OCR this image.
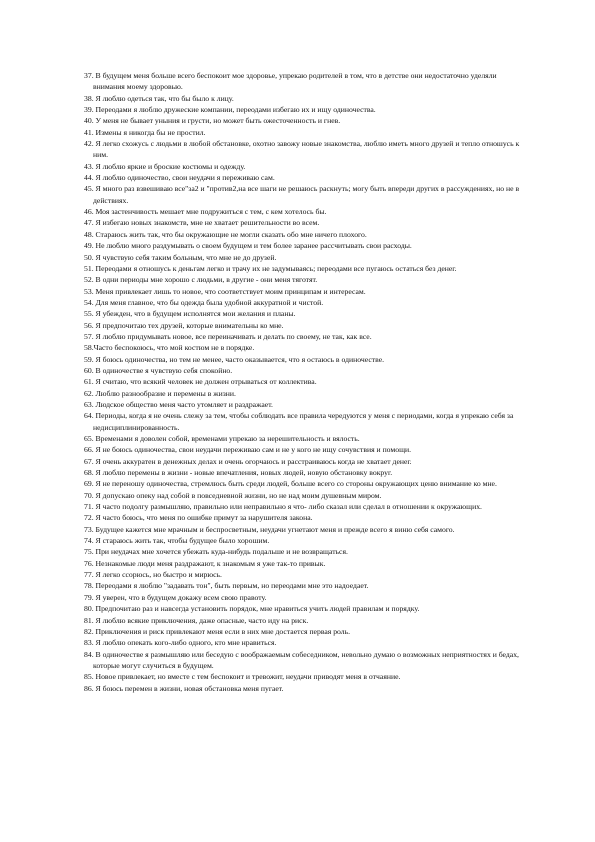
37. В будущем меня больше всего беспокоит мое здоровье, упрекаю родителей в том, что в детстве они недостаточно уделяли внимания моему здоровью.

38. Я люблю одеться так, что бы было к лицу.

39. Переодами я люблю дружеские компании, переодами избегаю их и ищу одиночества.

40. У меня не бывает уныния и грусти, но может быть ожесточенность и гнев.

41. Измены я никогда бы не простил.

42. Я легко схожусь с людьми в любой обстановке, охотно завожу новые знакомства, люблю иметь много друзей и тепло отношусь к ним.

43. Я люблю яркие и броские костюмы и одежду.

44. Я люблю одиночество, свои неудачи я переживаю сам.

45. Я много раз взвешиваю все"за2 и "против2,на все шаги не решаюсь раскнуть; могу быть впереди других в рассуждениях, но не в действиях.

46. Моя застенчивость мешает мне подружиться с тем, с кем хотелось бы.

47. Я избегаю новых знакомств, мне не хватает решительности во всем.

48. Стараюсь жить так, что бы окружающие не могли сказать обо мне ничего плохого.

49. Не люблю много раздумывать о своем будущем и тем более заранее рассчитывать свои расходы.

50. Я чувствую себя таким больным, что мне не до друзей.

51. Переодами я отношусь к деньгам легко и трачу их не задумываясь; переодами все пугаюсь остаться без денег.

52. В одни периоды мне хорошо с людьми, в другие - они меня тяготят.

53. Меня привлекает лишь то новое, что соответствует моим принципам и интересам.

54. Для меня главное, что бы одежда была удобной аккуратной и чистой.

55. Я убежден, что в будущем исполнятся мои желания и планы.

56. Я предпочитаю тех друзей, которые внимательны ко мне.

57. Я люблю придумывать новое, все переиначивать и делать по своему, не так, как все.

58.Часто беспокоюсь, что мой костюм не в порядке.

59. Я боюсь одиночества, но тем не менее, часто оказывается, что я остаюсь в одиночестве.

60. В одиночестве я чувствую себя спокойно.

61. Я считаю, что всякий человек не должен отрываться от коллектива.

62. Люблю разнообразие и перемены в жизни.

63. Людское общество меня часто утомляет и раздражает.

64. Периоды, когда я не очень слежу за тем, чтобы соблюдать все правила чередуются у меня с периодами, когда я упрекаю себя за недисциплинированность.

65. Временами я доволен собой, временами упрекаю за нерешительность и вялость.

66. Я не боюсь одиночества, свои неудачи переживаю сам и не у кого не ищу сочувствия и помощи.

67. Я очень аккуратен в денежных делах и очень огорчаюсь и расстраиваюсь когда не хватает денег.

68. Я люблю перемены в жизни - новые впечатления, новых людей, новую обстановку вокруг.

69. Я не переношу одиночества, стремлюсь быть среди людей, больше всего со стороны окружающих ценю внимание ко мне.

70. Я допускаю опеку над собой в повседневной жизни, но не над моим душевным миром.

71. Я часто подолгу размышляю, правильно или неправильно я что- либо сказал или сделал в отношении к окружающих.

72. Я часто боюсь, что меня по ошибке примут за нарушителя закона.

73. Будущее кажется мне мрачным и беспросветным, неудачи угнетают меня и прежде всего я виню себя самого.

74. Я стараюсь жить так, чтобы будущее было хорошим.

75. При неудачах мне хочется убежать куда-нибудь подальше и не возвращаться.

76. Незнакомые люди меня раздражают, к знакомым я уже так-то привык.

77. Я легко ссорюсь, но быстро и мирюсь.

78. Переодами я люблю "задавать тон", быть первым, но переодами мне это надоедает.

79. Я уверен, что в будущем докажу всем свою правоту.

80. Предпочитаю раз и навсегда установить порядок, мне нравиться учить людей правилам и порядку.

81. Я люблю всякие приключения, даже опасные, часто иду на риск.

82. Приключения и риск привлекают меня если в них мне достается первая роль.

83. Я люблю опекать кого-либо одного, кто мне нравиться.

84. В одиночестве я размышляю или беседую с воображаемым собеседником, невольно думаю о возможных неприятностях и бедах, которые могут случиться в будущем.

85. Новое привлекает, но вместе с тем беспокоит и тревожит, неудачи приводят меня в отчаяние.

86. Я боюсь перемен в жизни, новая обстановка меня пугает.
